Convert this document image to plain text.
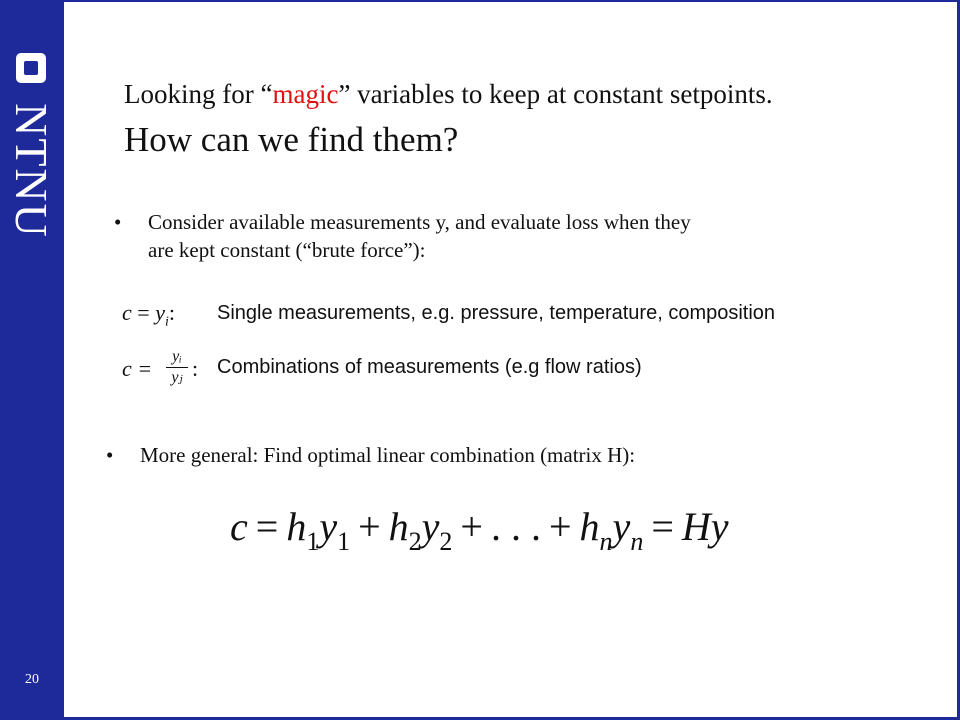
NTNU
20
Looking for “magic” variables to keep at constant setpoints.
How can we find them?
• Consider available measurements y, and evaluate loss when they
are kept constant (“brute force”):
$c = y_i$: Single measurements, e.g. pressure, temperature, composition
c = yᵢ
yⱼ : Combinations of measurements (e.g flow ratios)
• More general: Find optimal linear combination (matrix H):
$c = h_1y_1 + h_2y_2$ + . . . + $h_ny_n = Hy$
